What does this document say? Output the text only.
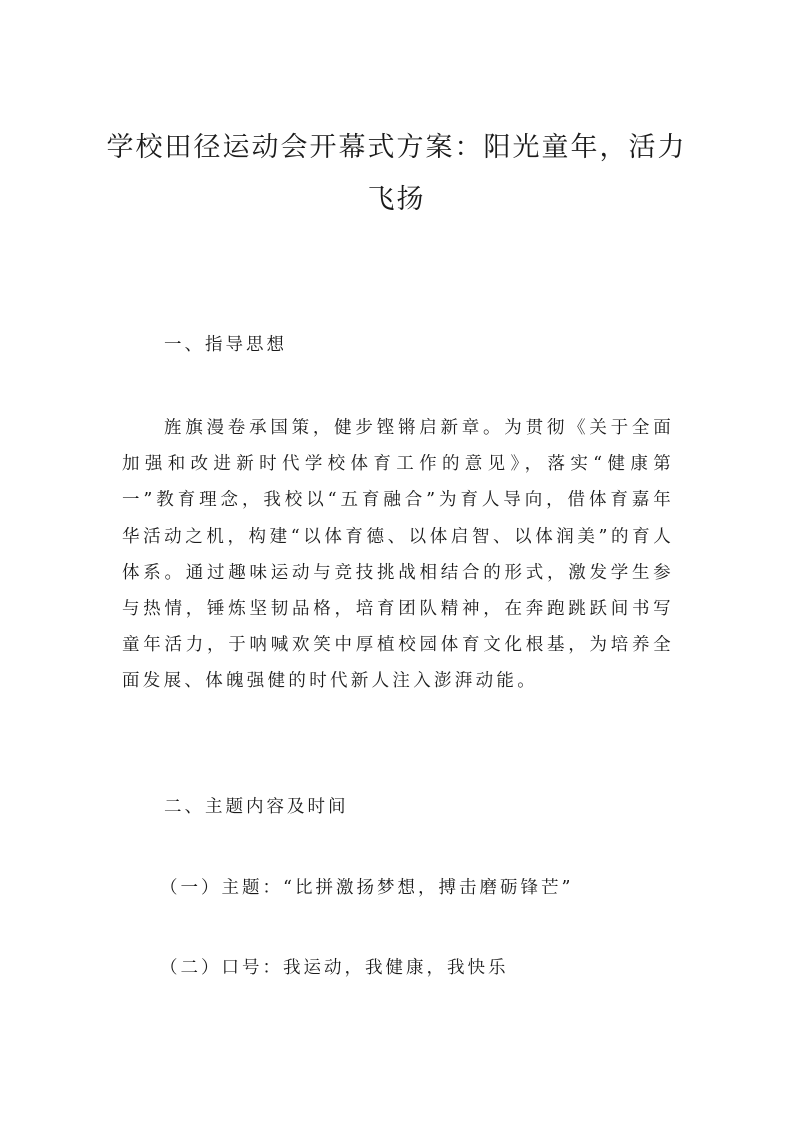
学校田径运动会开幕式方案：阳光童年，活力飞扬
一、指导思想

旌旗漫卷承国策，健步铿锵启新章。为贯彻《关于全面加强和改进新时代学校体育工作的意见》，落实“健康第一”教育理念，我校以“五育融合”为育人导向，借体育嘉年华活动之机，构建“以体育德、以体启智、以体润美”的育人体系。通过趣味运动与竞技挑战相结合的形式，激发学生参与热情，锤炼坚韧品格，培育团队精神，在奔跑跳跃间书写童年活力，于呐喊欢笑中厚植校园体育文化根基，为培养全面发展、体魄强健的时代新人注入澎湃动能。

二、主题内容及时间

（一）主题：“比拼激扬梦想，搏击磨砺锋芒”

（二）口号：我运动，我健康，我快乐
